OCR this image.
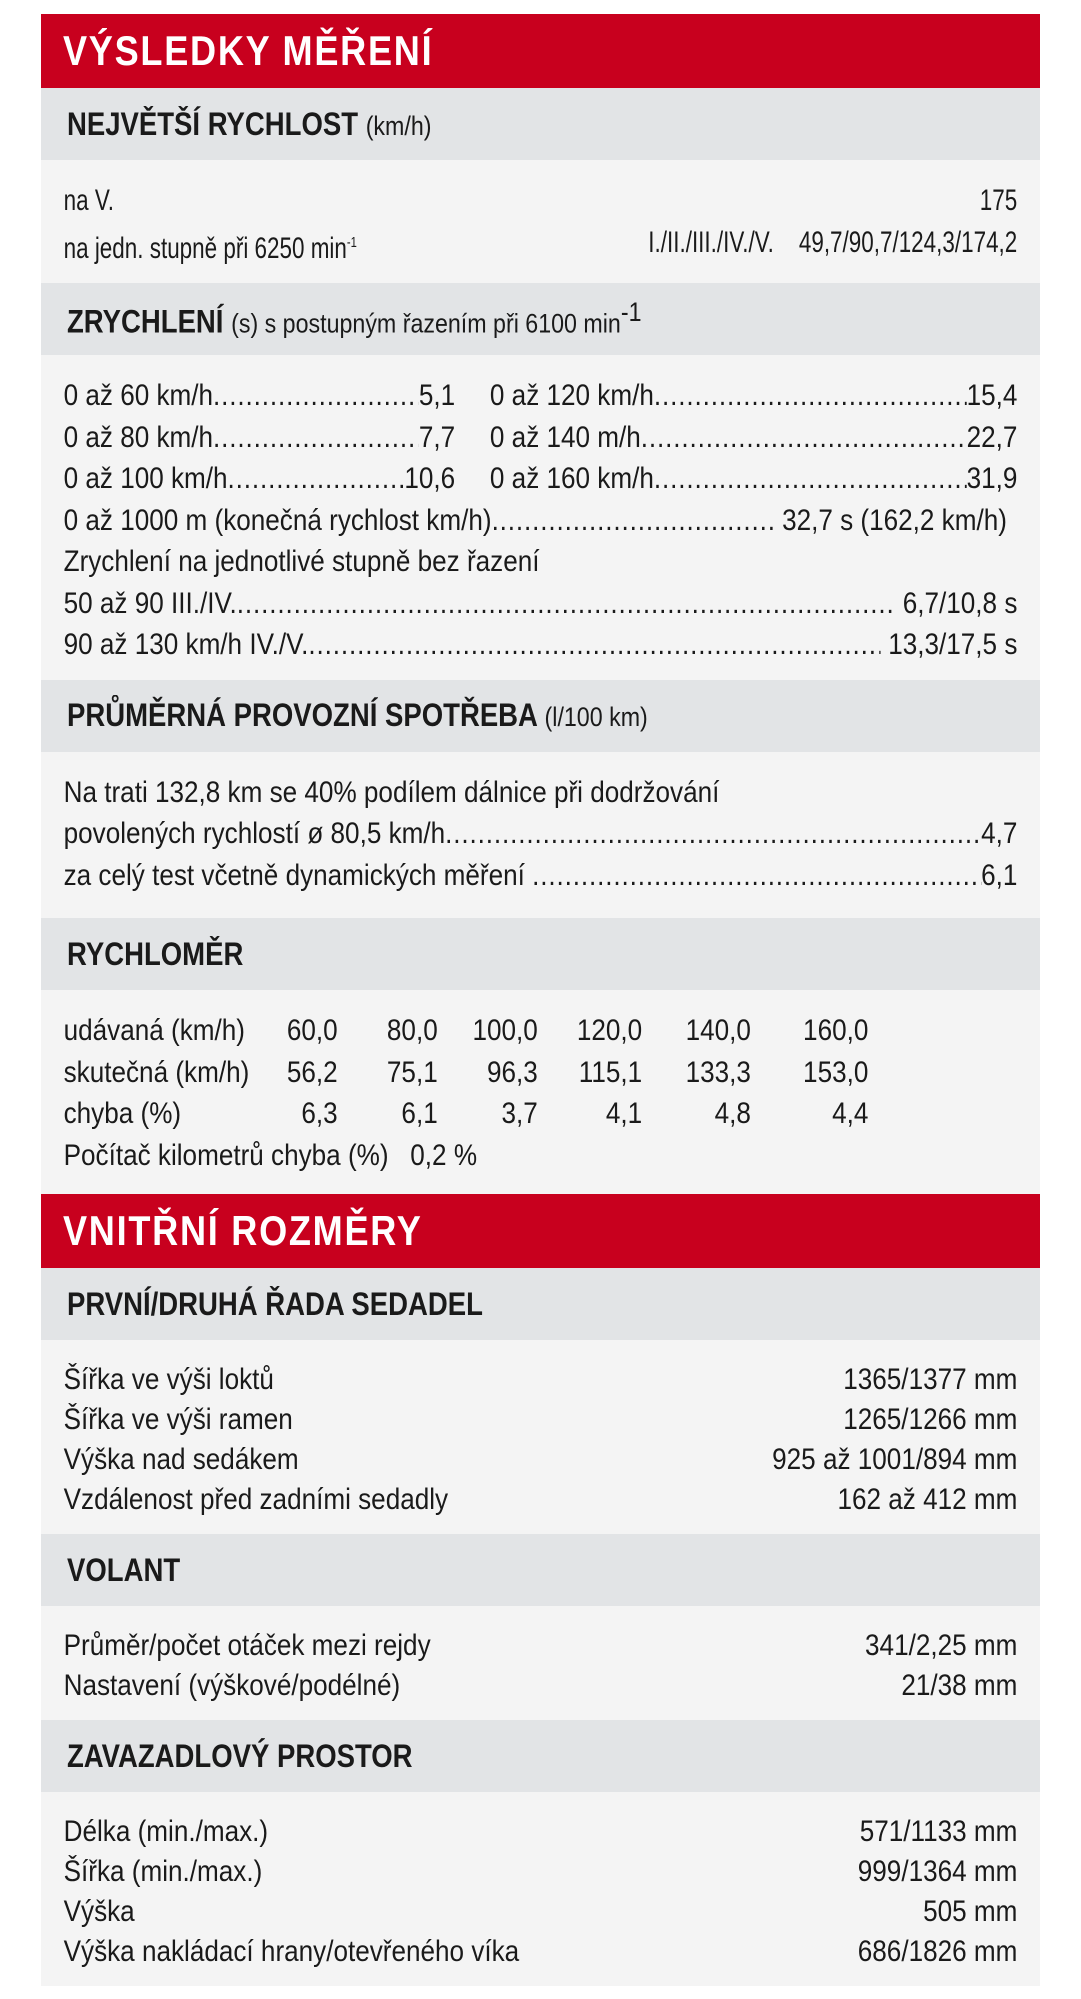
VÝSLEDKY MĚŘENÍ
NEJVĚTŠÍ RYCHLOST (km/h)
na V.	175
na jedn. stupně při 6250 $\min^{-1}$	I./II./III./IV./V. 49,7/90,7/124,3/174,2
ZRYCHLENÍ (s) s postupným řazením při 6100 $\min^{-1}$
0 až 60 km/h .....	5,1 0 až 120 km/h .....	15,4
0 až 80 km/h .....	7,7 0 až 140 m/h .....	22,7
0 až 100 km/h .....	10,6 0 až 160 km/h .....	31,9
0 až 1000 m (konečná rychlost km/h) .....
	32,7 s (162,2 km/h)
Zrychlení na jednotlivé stupně bez řazení
50 až 90 III./IV. .....
	6,7/10,8 s
90 až 130 km/h IV./V. .....
	13,3/17,5 s
PRŮMĚRNÁ PROVOZNÍ SPOTŘEBA (l/100 km)
Na trati 132,8 km se 40% podílem dálnice při dodržování
povolených rychlostí ø 80,5 km/h .....	4,7
za celý test včetně dynamických měření
.....	6,1
RYCHLOMĚR
udávaná (km/h)	60,0	80,0	100,0	120,0	140,0	160,0
skutečná (km/h)	56,2	75,1	96,3	115,1	133,3	153,0
chyba (%)	6,3	6,1	3,7	4,1	4,8	4,4
Počítač kilometrů chyba (%)   0,2 %
VNITŘNÍ ROZMĚRY
PRVNÍ/DRUHÁ ŘADA SEDADEL
Šířka ve výši loktů	1365/1377 mm
Šířka ve výši ramen	1265/1266 mm
Výška nad sedákem	925 až 1001/894 mm
Vzdálenost před zadními sedadly	162 až 412 mm
VOLANT
Průměr/počet otáček mezi rejdy	341/2,25 mm
Nastavení (výškové/podélné)	21/38 mm
ZAVAZADLOVÝ PROSTOR
Délka (min./max.)	571/1133 mm
Šířka (min./max.)	999/1364 mm
Výška	505 mm
Výška nakládací hrany/otevřeného víka	686/1826 mm
